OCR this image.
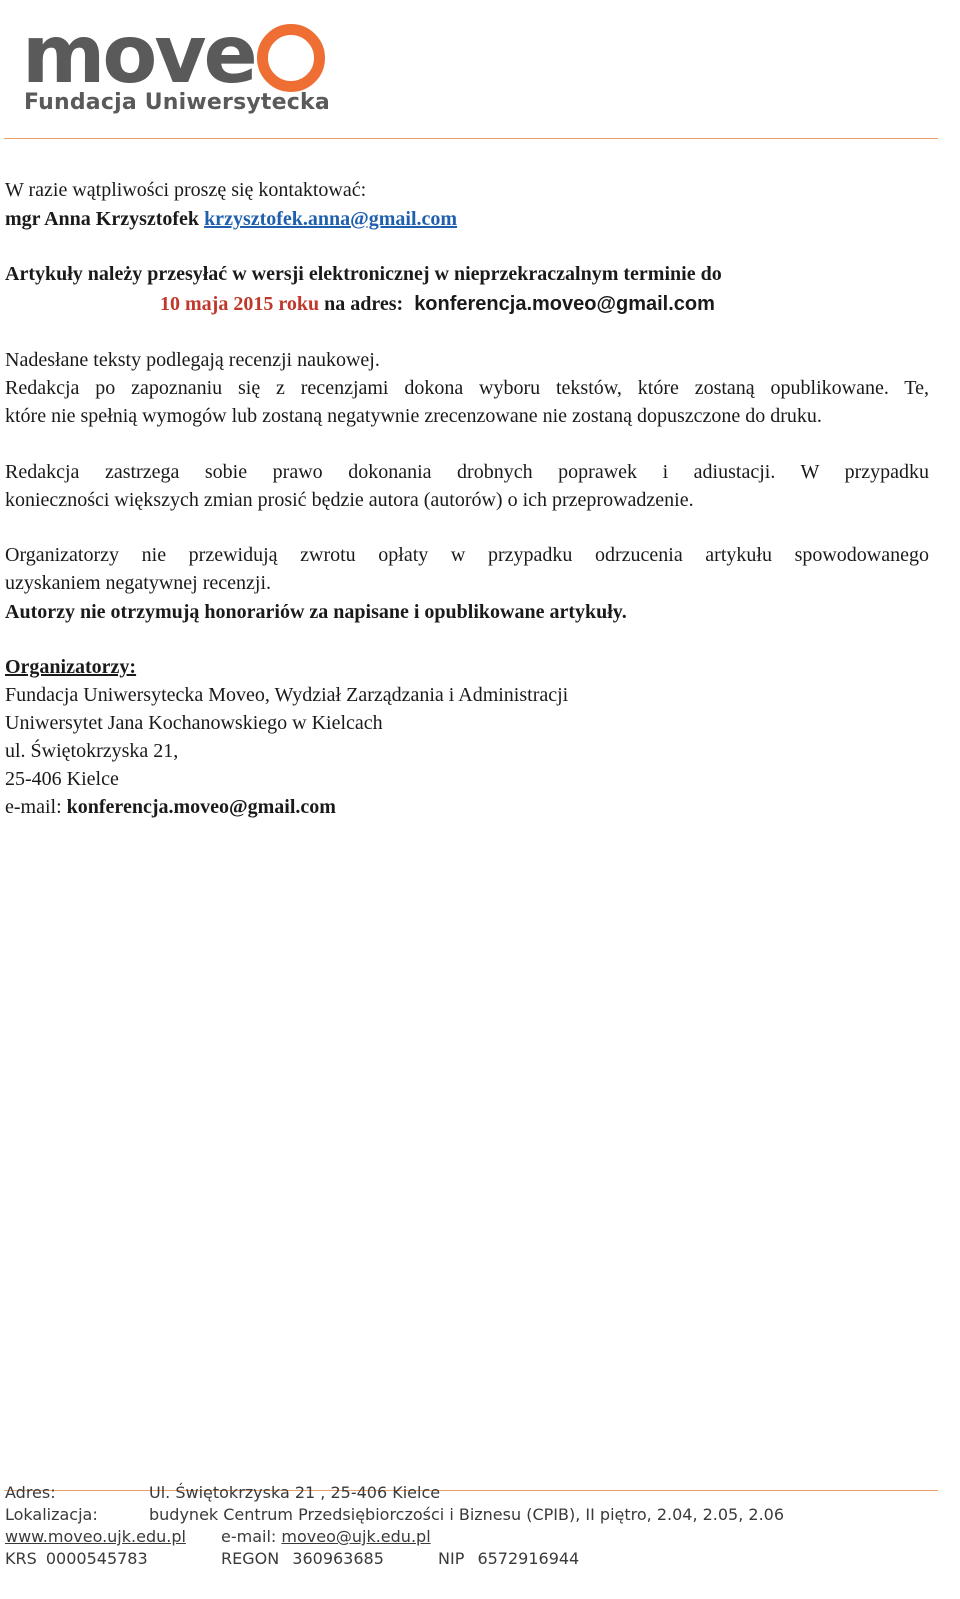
move
Fundacja Uniwersytecka
W razie wątpliwości proszę się kontaktować:
mgr Anna Krzysztofek krzysztofek.anna@gmail.com
Artykuły należy przesyłać w wersji elektronicznej w nieprzekraczalnym terminie do
10 maja 2015 roku na adres: konferencja.moveo@gmail.com
Nadesłane teksty podlegają recenzji naukowej.
Redakcja po zapoznaniu się z recenzjami dokona wyboru tekstów, które zostaną opublikowane. Te,
które nie spełnią wymogów lub zostaną negatywnie zrecenzowane nie zostaną dopuszczone do druku.
Redakcja zastrzega sobie prawo dokonania drobnych poprawek i adiustacji. W przypadku
konieczności większych zmian prosić będzie autora (autorów) o ich przeprowadzenie.
Organizatorzy nie przewidują zwrotu opłaty w przypadku odrzucenia artykułu spowodowanego
uzyskaniem negatywnej recenzji.
Autorzy nie otrzymują honorariów za napisane i opublikowane artykuły.
Organizatorzy:
Fundacja Uniwersytecka Moveo, Wydział Zarządzania i Administracji
Uniwersytet Jana Kochanowskiego w Kielcach
ul. Świętokrzyska 21,
25-406 Kielce
e-mail: konferencja.moveo@gmail.com
Adres:	Ul. Świętokrzyska 21 , 25-406 Kielce
Lokalizacja:	budynek Centrum Przedsiębiorczości i Biznesu (CPIB), II piętro, 2.04, 2.05, 2.06
www.moveo.ujk.edu.pl e-mail: moveo@ujk.edu.pl
KRS 0000545783	REGON 360963685	NIP 6572916944
